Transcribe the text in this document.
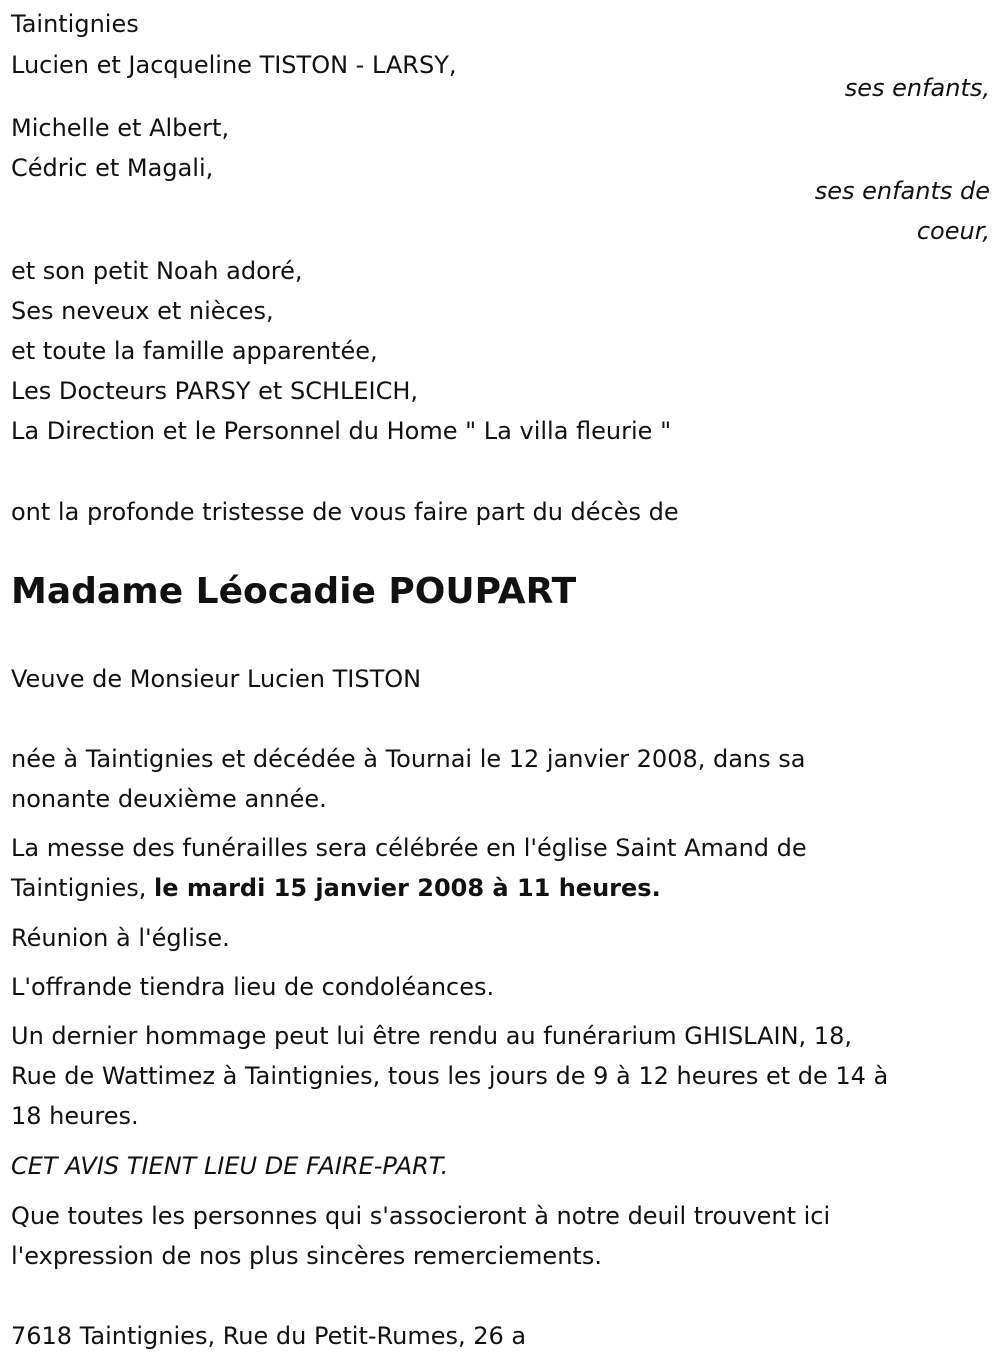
Taintignies

Lucien et Jacqueline TISTON - LARSY,

ses enfants,

Michelle et Albert,

Cédric et Magali,

ses enfants de

coeur,

et son petit Noah adoré,

Ses neveux et nièces,

et toute la famille apparentée,

Les Docteurs PARSY et SCHLEICH,

La Direction et le Personnel du Home " La villa fleurie "

ont la profonde tristesse de vous faire part du décès de

Madame Léocadie POUPART

Veuve de Monsieur Lucien TISTON

née à Taintignies et décédée à Tournai le 12 janvier 2008, dans sa

nonante deuxième année.

La messe des funérailles sera célébrée en l'église Saint Amand de

Taintignies, le mardi 15 janvier 2008 à 11 heures.

Réunion à l'église.

L'offrande tiendra lieu de condoléances.

Un dernier hommage peut lui être rendu au funérarium GHISLAIN, 18,

Rue de Wattimez à Taintignies, tous les jours de 9 à 12 heures et de 14 à

18 heures.

CET AVIS TIENT LIEU DE FAIRE-PART.

Que toutes les personnes qui s'associeront à notre deuil trouvent ici

l'expression de nos plus sincères remerciements.

7618 Taintignies, Rue du Petit-Rumes, 26 a
